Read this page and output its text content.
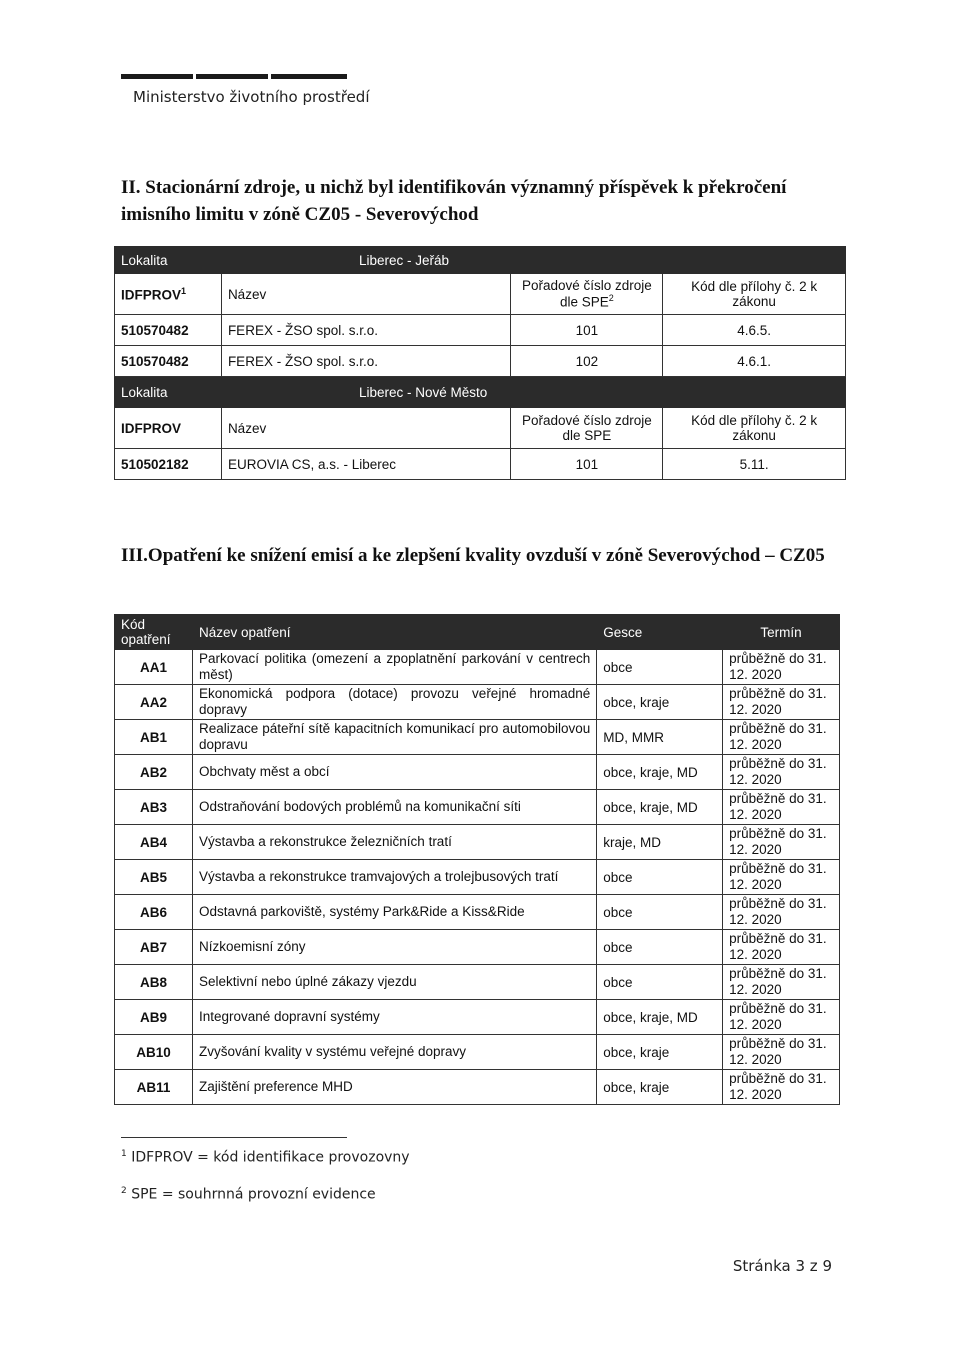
Ministerstvo životního prostředí
II. Stacionární zdroje, u nichž byl identifikován významný příspěvek k překročení imisního limitu v zóně CZ05 - Severovýchod
Lokalita	Liberec - Jeřáb		
IDFPROV$^1$	Název	Pořadové číslo zdroje dle SPE$^2$	Kód dle přílohy č. 2 k zákonu
510570482	FEREX - ŽSO spol. s.r.o.	101	4.6.5.
510570482	FEREX - ŽSO spol. s.r.o.	102	4.6.1.
Lokalita	Liberec - Nové Město		
IDFPROV	Název	Pořadové číslo zdroje dle SPE	Kód dle přílohy č. 2 k zákonu
510502182	EUROVIA CS, a.s. - Liberec	101	5.11.
III.Opatření ke snížení emisí a ke zlepšení kvality ovzduší v zóně Severovýchod – CZ05
Kód opatření	Název opatření	Gesce	Termín
AA1	Parkovací politika (omezení a zpoplatnění parkování v centrech měst)	obce	průběžně do 31. 12. 2020
AA2	Ekonomická podpora (dotace) provozu veřejné hromadné dopravy	obce, kraje	průběžně do 31. 12. 2020
AB1	Realizace páteřní sítě kapacitních komunikací pro automobilovou dopravu	MD, MMR	průběžně do 31. 12. 2020
AB2	Obchvaty měst a obcí	obce, kraje, MD	průběžně do 31. 12. 2020
AB3	Odstraňování bodových problémů na komunikační síti	obce, kraje, MD	průběžně do 31. 12. 2020
AB4	Výstavba a rekonstrukce železničních tratí	kraje, MD	průběžně do 31. 12. 2020
AB5	Výstavba a rekonstrukce tramvajových a trolejbusových tratí	obce	průběžně do 31. 12. 2020
AB6	Odstavná parkoviště, systémy Park&Ride a Kiss&Ride	obce	průběžně do 31. 12. 2020
AB7	Nízkoemisní zóny	obce	průběžně do 31. 12. 2020
AB8	Selektivní nebo úplné zákazy vjezdu	obce	průběžně do 31. 12. 2020
AB9	Integrované dopravní systémy	obce, kraje, MD	průběžně do 31. 12. 2020
AB10	Zvyšování kvality v systému veřejné dopravy	obce, kraje	průběžně do 31. 12. 2020
AB11	Zajištění preference MHD	obce, kraje	průběžně do 31. 12. 2020
$^1$ IDFPROV = kód identifikace provozovny
$^2$ SPE = souhrnná provozní evidence
Stránka 3 z 9
